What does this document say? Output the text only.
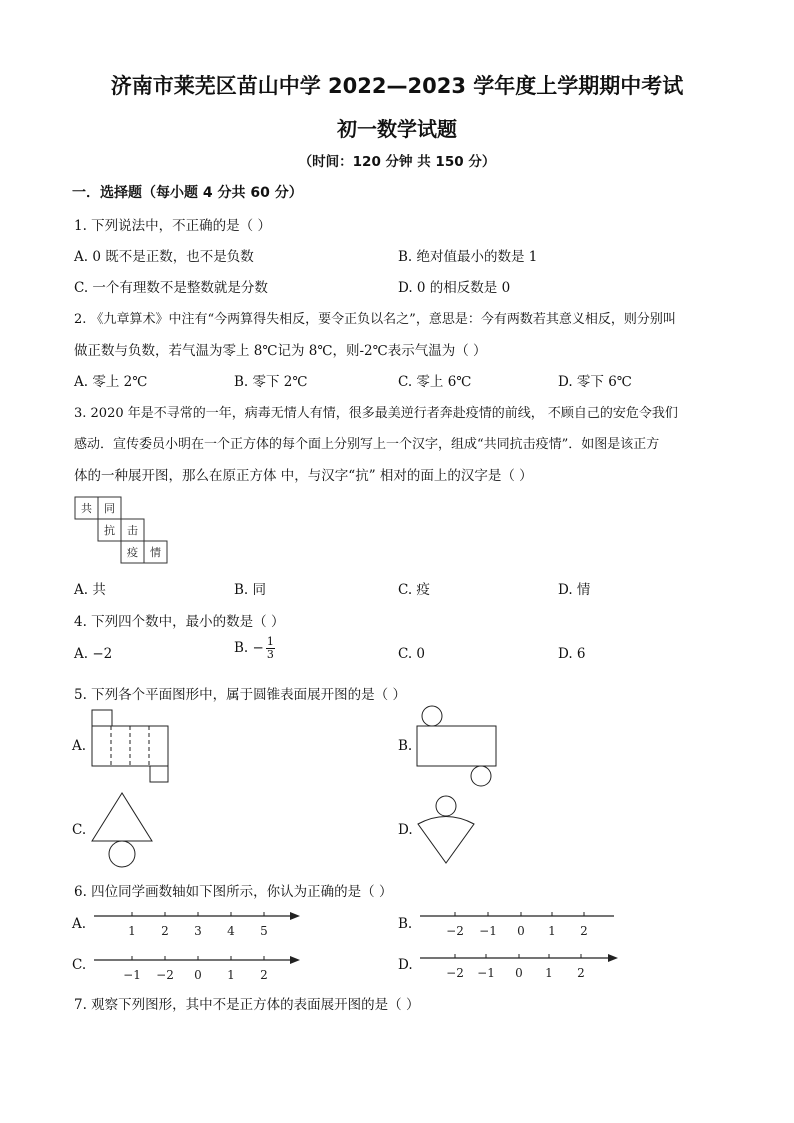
济南市莱芜区苗山中学 2022—2023 学年度上学期期中考试
初一数学试题
（时间：120 分钟 共 150 分）
一．选择题（每小题 4 分共 60 分）
1. 下列说法中，不正确的是（ ）
A. 0 既不是正数，也不是负数	B. 绝对值最小的数是 1
C. 一个有理数不是整数就是分数	D. 0 的相反数是 0
2. 《九章算术》中注有“今两算得失相反，要令正负以名之”，意思是：今有两数若其意义相反，则分别叫
做正数与负数，若气温为零上 8℃记为 8℃，则-2℃表示气温为（ ）
A. 零上 2℃	B. 零下 2℃	C. 零上 6℃	D. 零下 6℃
3. 2020 年是不寻常的一年，病毒无情人有情，很多最美逆行者奔赴疫情的前线， 不顾自己的安危令我们
感动．宣传委员小明在一个正方体的每个面上分别写上一个汉字，组成“共同抗击疫情”．如图是该正方
体的一种展开图，那么在原正方体 中，与汉字“抗” 相对的面上的汉字是（ ）
共 同
抗 击
疫 情
A. 共	B. 同	C. 疫	D. 情
4. 下列四个数中，最小的数是（ ）
A. −2	B. − $\frac{1}{3}$	C. 0	D. 6
5. 下列各个平面图形中，属于圆锥表面展开图的是（ ）
A.	B.
C.	D.
6. 四位同学画数轴如下图所示，你认为正确的是（ ）
A.	1 2 3 4 5	B.	−2 −1 0 1 2
C.
−1 −2 0 1 2
D.	−2 −1 0 1 2
7. 观察下列图形，其中不是正方体的表面展开图的是（ ）
